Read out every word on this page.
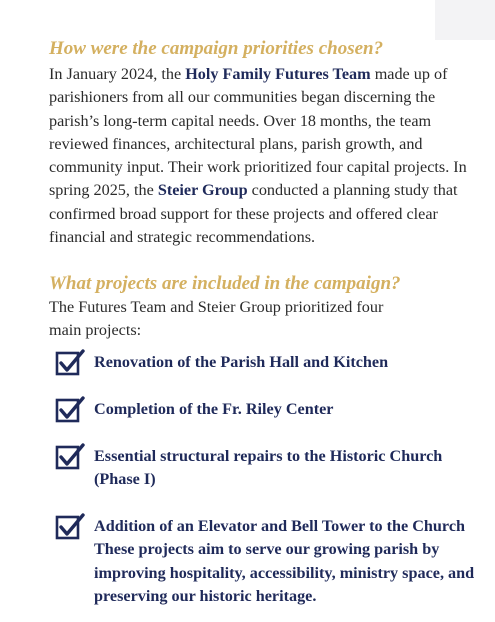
How were the campaign priorities chosen?

In January 2024, the Holy Family Futures Team made up of parishioners from all our communities began discerning the parish’s long-term capital needs. Over 18 months, the team reviewed finances, architectural plans, parish growth, and community input. Their work prioritized four capital projects. In spring 2025, the Steier Group conducted a planning study that confirmed broad support for these projects and offered clear financial and strategic recommendations.

What projects are included in the campaign?

The Futures Team and Steier Group prioritized four main projects:

Renovation of the Parish Hall and Kitchen

Completion of the Fr. Riley Center

Essential structural repairs to the Historic Church (Phase I)

Addition of an Elevator and Bell Tower to the Church
These projects aim to serve our growing parish by improving hospitality, accessibility, ministry space, and preserving our historic heritage.
